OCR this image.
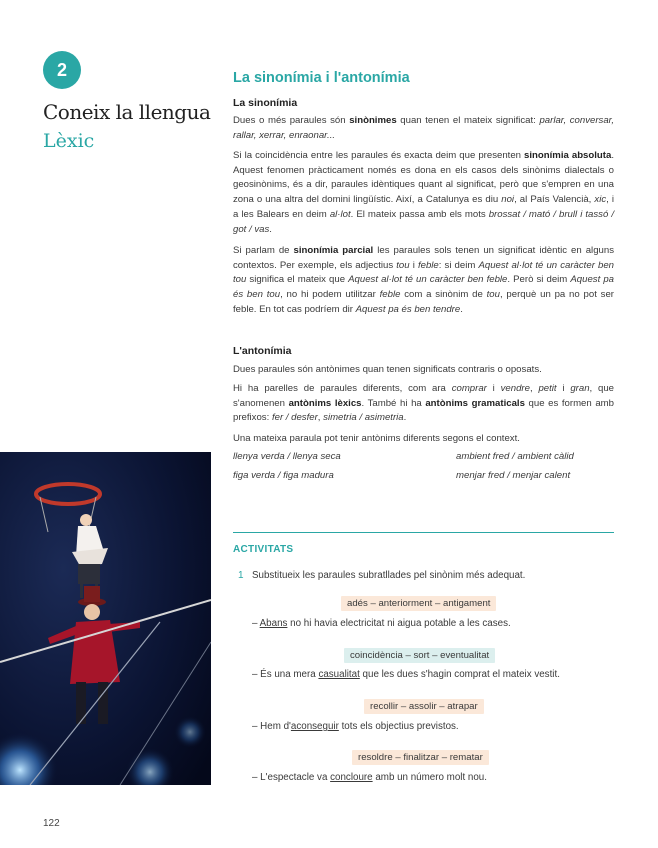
2
Coneix la llengua
Lèxic
122
La sinonímia i l'antonímia
La sinonímia

Dues o més paraules són sinònimes quan tenen el mateix significat: parlar, conversar, rallar, xerrar, enraonar...

Si la coincidència entre les paraules és exacta deim que presenten sinonímia absoluta. Aquest fenomen pràcticament només es dona en els casos dels sinònims dialectals o geosinònims, és a dir, paraules idèntiques quant al significat, però que s'empren en una zona o una altra del domini lingüístic. Així, a Catalunya es diu noi, al País Valencià, xic, i a les Balears en deim al·lot. El mateix passa amb els mots brossat / mató / brull i tassó / got / vas.

Si parlam de sinonímia parcial les paraules sols tenen un significat idèntic en alguns contextos. Per exemple, els adjectius tou i feble: si deim Aquest al·lot té un caràcter ben tou significa el mateix que Aquest al·lot té un caràcter ben feble. Però si deim Aquest pa és ben tou, no hi podem utilitzar feble com a sinònim de tou, perquè un pa no pot ser feble. En tot cas podríem dir Aquest pa és ben tendre.

L'antonímia

Dues paraules són antònimes quan tenen significats contraris o oposats.

Hi ha parelles de paraules diferents, com ara comprar i vendre, petit i gran, que s'anomenen antònims lèxics. També hi ha antònims gramaticals que es formen amb prefixos: fer / desfer, simetria / asimetria.

Una mateixa paraula pot tenir antònims diferents segons el context.

llenya verda / llenya seca
figa verda / figa madura
ambient fred / ambient càlid
menjar fred / menjar calent
ACTIVITATS
1 Substitueix les paraules subratllades pel sinònim més adequat.
adés – anteriorment – antigament
– Abans no hi havia electricitat ni aigua potable a les cases.
coincidència – sort – eventualitat
– És una mera casualitat que les dues s'hagin comprat el mateix vestit.
recollir – assolir – atrapar
– Hem d'aconseguir tots els objectius previstos.
resoldre – finalitzar – rematar
– L'espectacle va concloure amb un número molt nou.
